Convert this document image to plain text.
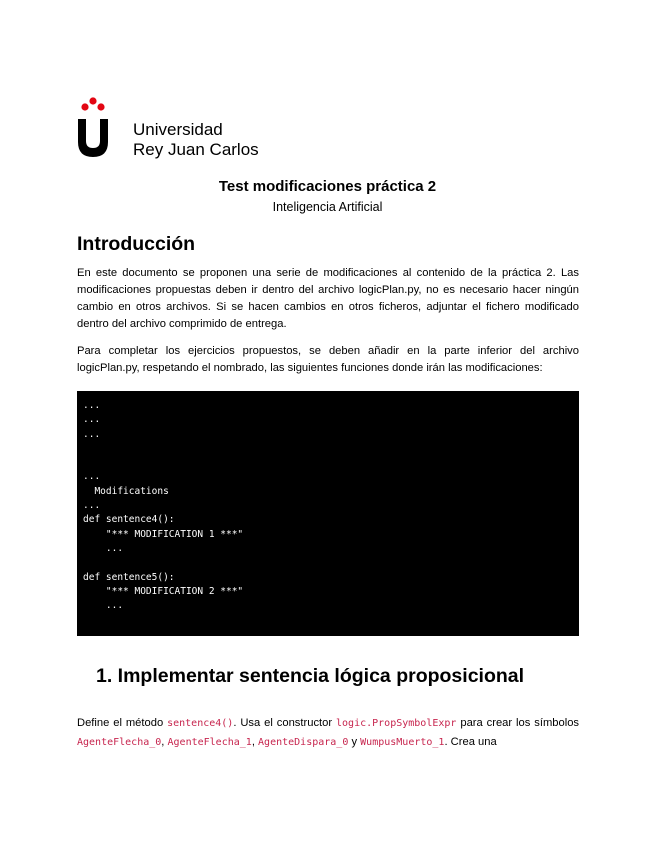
Universidad
Rey Juan Carlos
Test modificaciones práctica 2
Inteligencia Artificial
Introducción
En este documento se proponen una serie de modificaciones al contenido de la práctica 2. Las modificaciones propuestas deben ir dentro del archivo logicPlan.py, no es necesario hacer ningún cambio en otros archivos. Si se hacen cambios en otros ficheros, adjuntar el fichero modificado dentro del archivo comprimido de entrega.
Para completar los ejercicios propuestos, se deben añadir en la parte inferior del archivo logicPlan.py, respetando el nombrado, las siguientes funciones donde irán las modificaciones:
...
...
...

...
Modifications
...
def sentence4():
"*** MODIFICATION 1 ***"
...

def sentence5():
"*** MODIFICATION 2 ***"
...
1. Implementar sentencia lógica proposicional
Define el método sentence4(). Usa el constructor logic.PropSymbolExpr para crear los símbolos AgenteFlecha_0, AgenteFlecha_1, AgenteDispara_0 y WumpusMuerto_1. Crea una
